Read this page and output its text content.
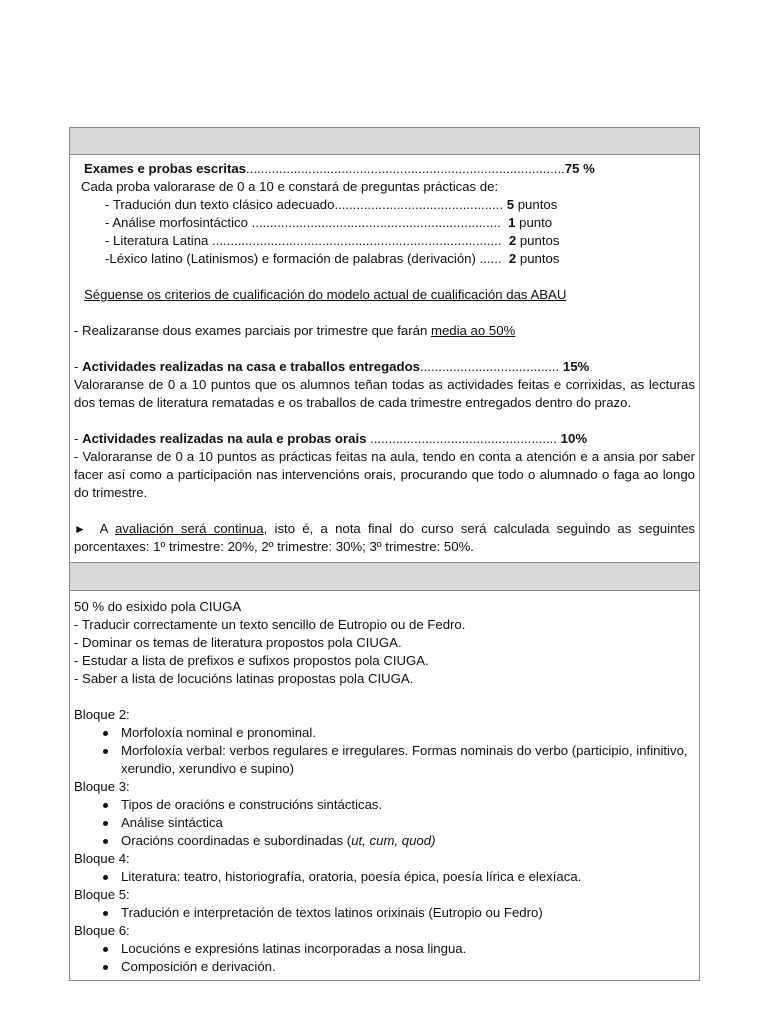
Exames e probas escritas.......................................................................................75 %
Cada proba valorarase de 0 a 10 e constará de preguntas prácticas de:
- Tradución dun texto clásico adecuado.............................................. 5 puntos
- Análise morfosintáctico .................................................................... 1 punto
- Literatura Latina ............................................................................... 2 puntos
-Léxico latino (Latinismos) e formación de palabras (derivación) ...... 2 puntos
Séguense os criterios de cualificación do modelo actual de cualificación das ABAU
- Realizaranse dous exames parciais por trimestre que farán media ao 50%
- Actividades realizadas na casa e traballos entregados...................................... 15%
Valoraranse de 0 a 10 puntos que os alumnos teñan todas as actividades feitas e corrixidas, as lecturas dos temas de literatura rematadas e os traballos de cada trimestre entregados dentro do prazo.
- Actividades realizadas na aula e probas orais ................................................... 10%
- Valoraranse de 0 a 10 puntos as prácticas feitas na aula, tendo en conta a atención e a ansia por saber facer así como a participación nas intervencións orais, procurando que todo o alumnado o faga ao longo do trimestre.
► A avaliación será continua, isto é, a nota final do curso será calculada seguindo as seguintes porcentaxes: 1º trimestre: 20%, 2º trimestre: 30%; 3º trimestre: 50%.

50 % do esixido pola CIUGA
- Traducir correctamente un texto sencillo de Eutropio ou de Fedro.
- Dominar os temas de literatura propostos pola CIUGA.
- Estudar a lista de prefixos e sufixos propostos pola CIUGA.
- Saber a lista de locucións latinas propostas pola CIUGA.
Bloque 2:
Morfoloxía nominal e pronominal.
Morfoloxía verbal: verbos regulares e irregulares. Formas nominais do verbo (participio, infinitivo, xerundio, xerundivo e supino)
Bloque 3:
Tipos de oracións e construcións sintácticas.
Análise sintáctica
Oracións coordinadas e subordinadas (ut, cum, quod)
Bloque 4:
Literatura: teatro, historiografía, oratoria, poesía épica, poesía lírica e elexíaca.
Bloque 5:
Tradución e interpretación de textos latinos orixinais (Eutropio ou Fedro)
Bloque 6:
Locucións e expresións latinas incorporadas a nosa lingua.
Composición e derivación.
